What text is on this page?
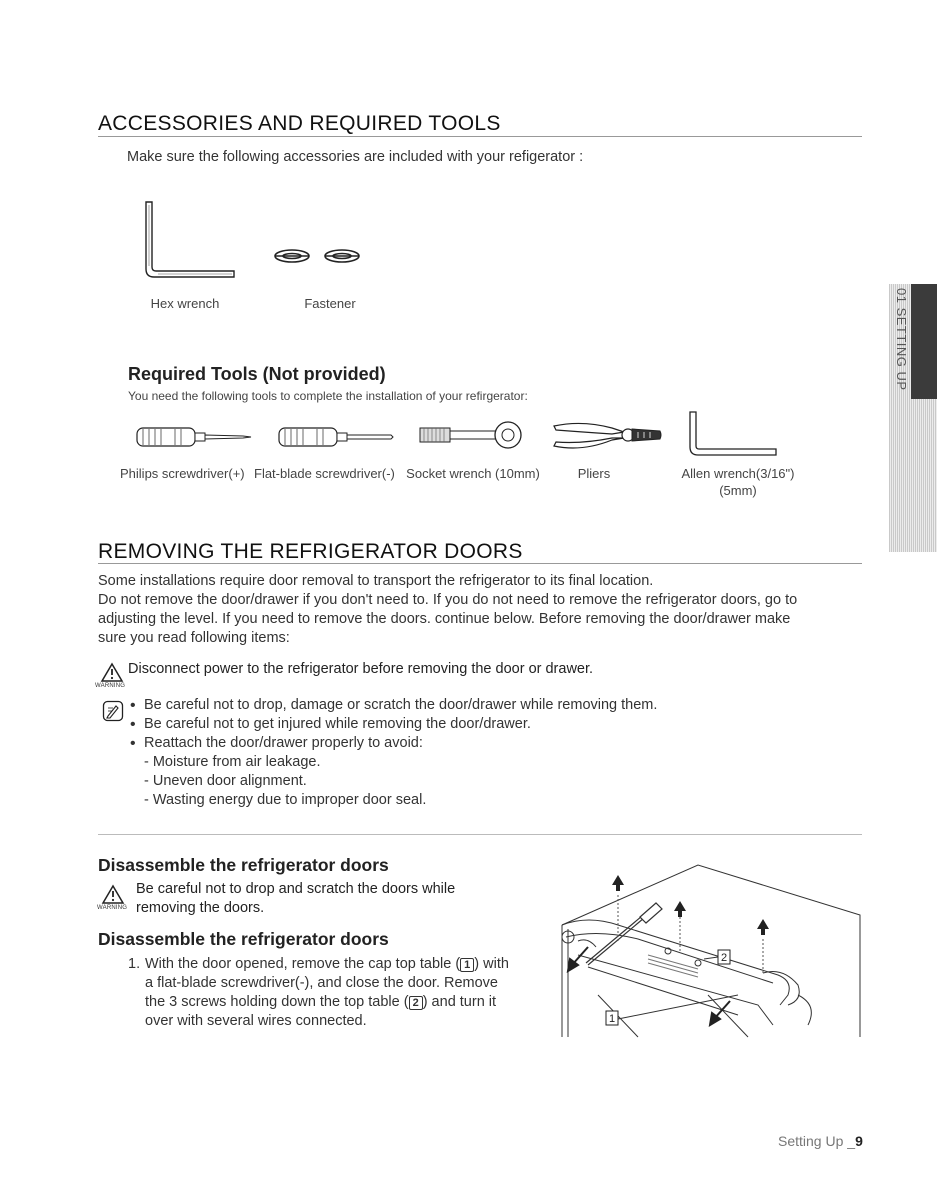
ACCESSORIES AND REQUIRED TOOLS
Make sure the following accessories are included with your refigerator :
Hex wrench	Fastener
Required Tools (Not provided)
You need the following tools to complete the installation of your refirgerator:
Philips screwdriver(+) Flat-blade screwdriver(-) Socket wrench (10mm)	Pliers	Allen wrench(3/16")
(5mm)
01 SETTING UP
REMOVING THE REFRIGERATOR DOORS
Some installations require door removal to transport the refrigerator to its final location.
Do not remove the door/drawer if you don't need to. If you do not need to remove the refrigerator doors, go to
adjusting the level. If you need to remove the doors. continue below. Before removing the door/drawer make
sure you read following items:
WARNING
Disconnect power to the refrigerator before removing the door or drawer.
• Be careful not to drop, damage or scratch the door/drawer while removing them.
• Be careful not to get injured while removing the door/drawer.
• Reattach the door/drawer properly to avoid:
- Moisture from air leakage.
- Uneven door alignment.
- Wasting energy due to improper door seal.
Disassemble the refrigerator doors
WARNING
Be careful not to drop and scratch the doors while
removing the doors.
Disassemble the refrigerator doors
1. With the door opened, remove the cap top table ( 1 ) with
a flat-blade screwdriver(-), and close the door. Remove
the 3 screws holding down the top table ( 2 ) and turn it
over with several wires connected.
2
1
Setting Up _9
